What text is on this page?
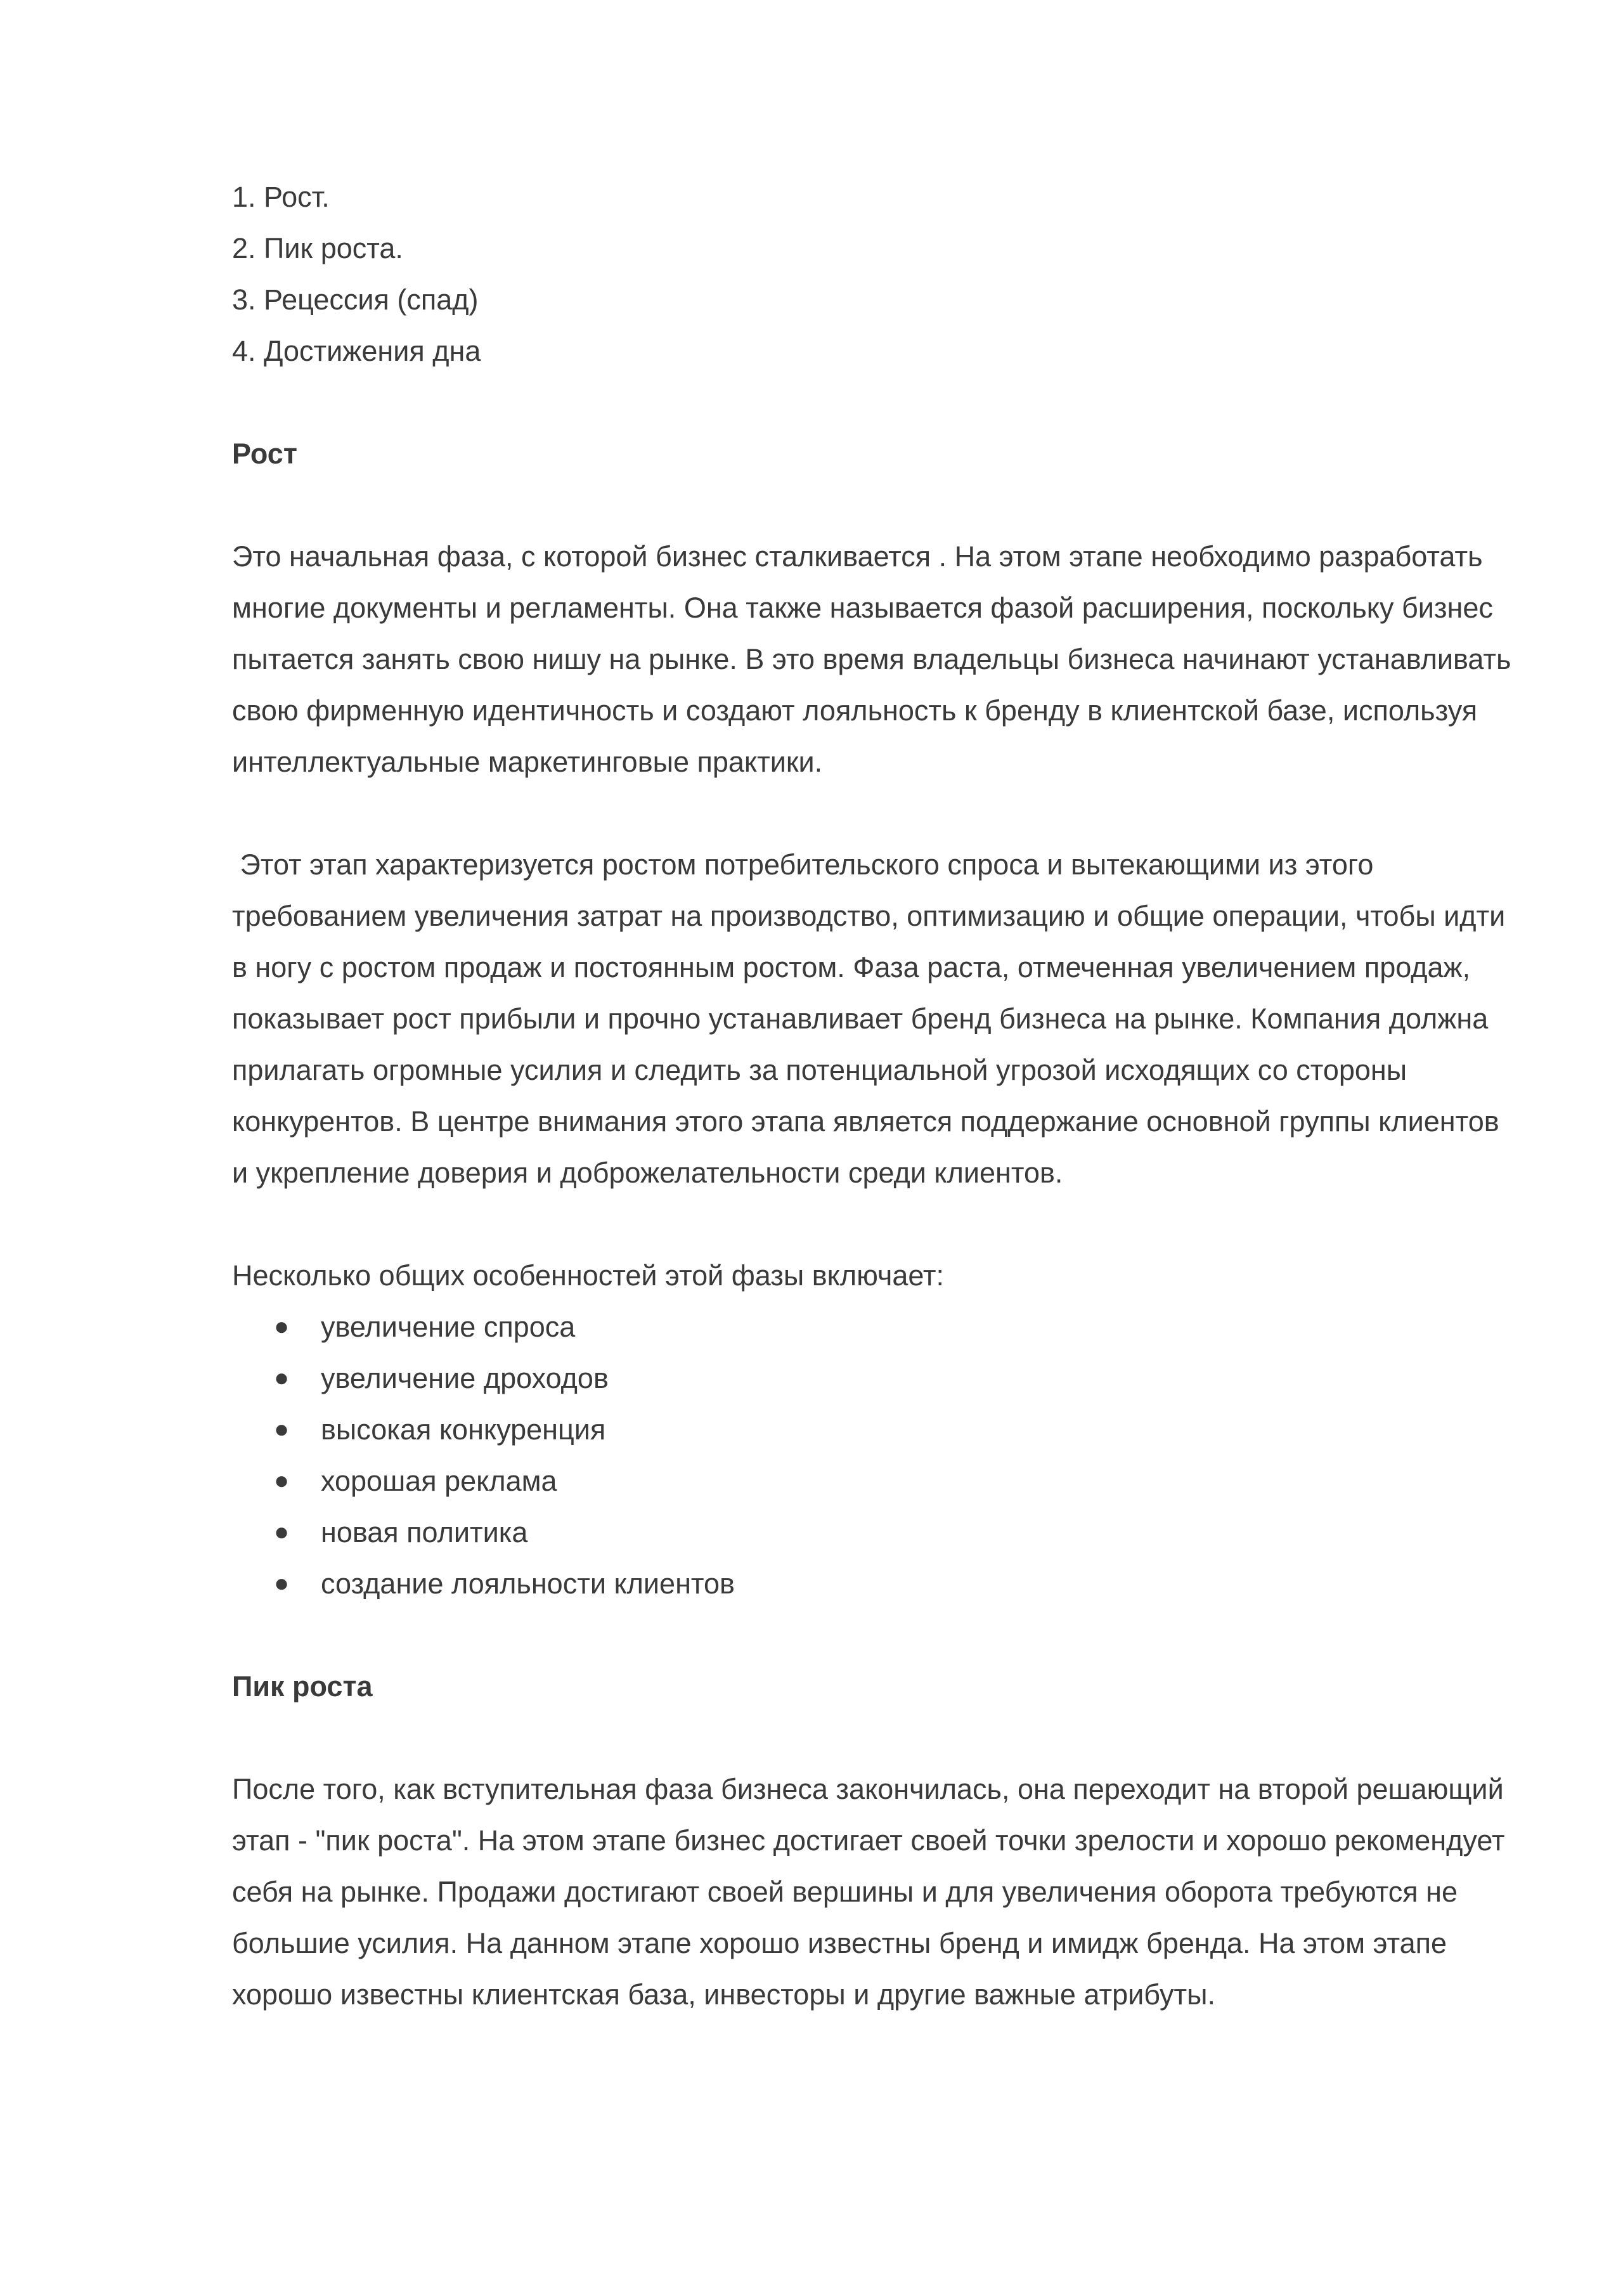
1. Рост.
2. Пик роста.
3. Рецессия (спад)
4. Достижения дна
Рост

Это начальная фаза, с которой бизнес сталкивается . На этом этапе необходимо разработать многие документы и регламенты. Она также называется фазой расширения, поскольку бизнес пытается занять свою нишу на рынке. В это время владельцы бизнеса начинают устанавливать свою фирменную идентичность и создают лояльность к бренду в клиентской базе, используя интеллектуальные маркетинговые практики.

Этот этап характеризуется ростом потребительского спроса и вытекающими из этого требованием увеличения затрат на производство, оптимизацию и общие операции, чтобы идти в ногу с ростом продаж и постоянным ростом. Фаза раста, отмеченная увеличением продаж, показывает рост прибыли и прочно устанавливает бренд бизнеса на рынке. Компания должна прилагать огромные усилия и следить за потенциальной угрозой исходящих со стороны конкурентов. В центре внимания этого этапа является поддержание основной группы клиентов и укрепление доверия и доброжелательности среди клиентов.

Несколько общих особенностей этой фазы включает:

● увеличение спроса
● увеличение дроходов
● высокая конкуренция
● хорошая реклама
● новая политика
● создание лояльности клиентов
Пик роста

После того, как вступительная фаза бизнеса закончилась, она переходит на второй решающий этап - "пик роста". На этом этапе бизнес достигает своей точки зрелости и хорошо рекомендует себя на рынке. Продажи достигают своей вершины и для увеличения оборота требуются не большие усилия. На данном этапе хорошо известны бренд и имидж бренда. На этом этапе хорошо известны клиентская база, инвесторы и другие важные атрибуты.
